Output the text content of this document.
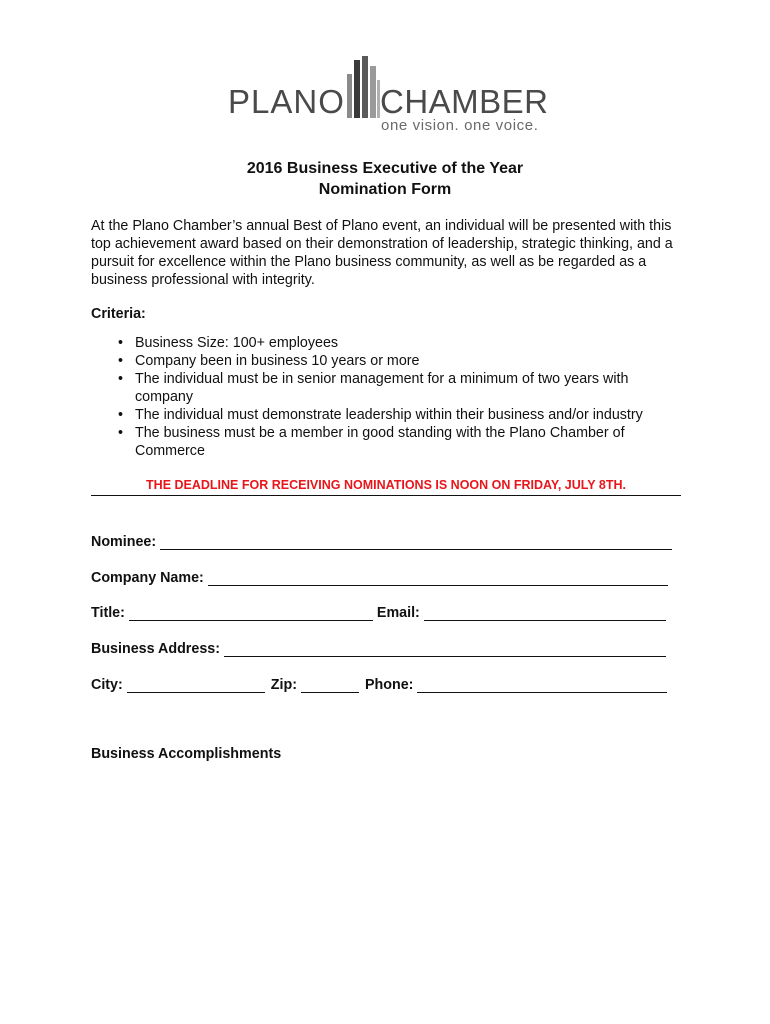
PLANO CHAMBER
one vision. one voice.
2016 Business Executive of the Year
Nomination Form
At the Plano Chamber’s annual Best of Plano event, an individual will be presented with this top achievement award based on their demonstration of leadership, strategic thinking, and a pursuit for excellence within the Plano business community, as well as be regarded as a business professional with integrity.
Criteria:
• Business Size: 100+ employees
• Company been in business 10 years or more
• The individual must be in senior management for a minimum of two years with company
• The individual must demonstrate leadership within their business and/or industry
• The business must be a member in good standing with the Plano Chamber of Commerce
THE DEADLINE FOR RECEIVING NOMINATIONS IS NOON ON FRIDAY, JULY 8TH.
Nominee:
Company Name:
Title:	Email:
Business Address:
City:	Zip:	Phone:
Business Accomplishments
